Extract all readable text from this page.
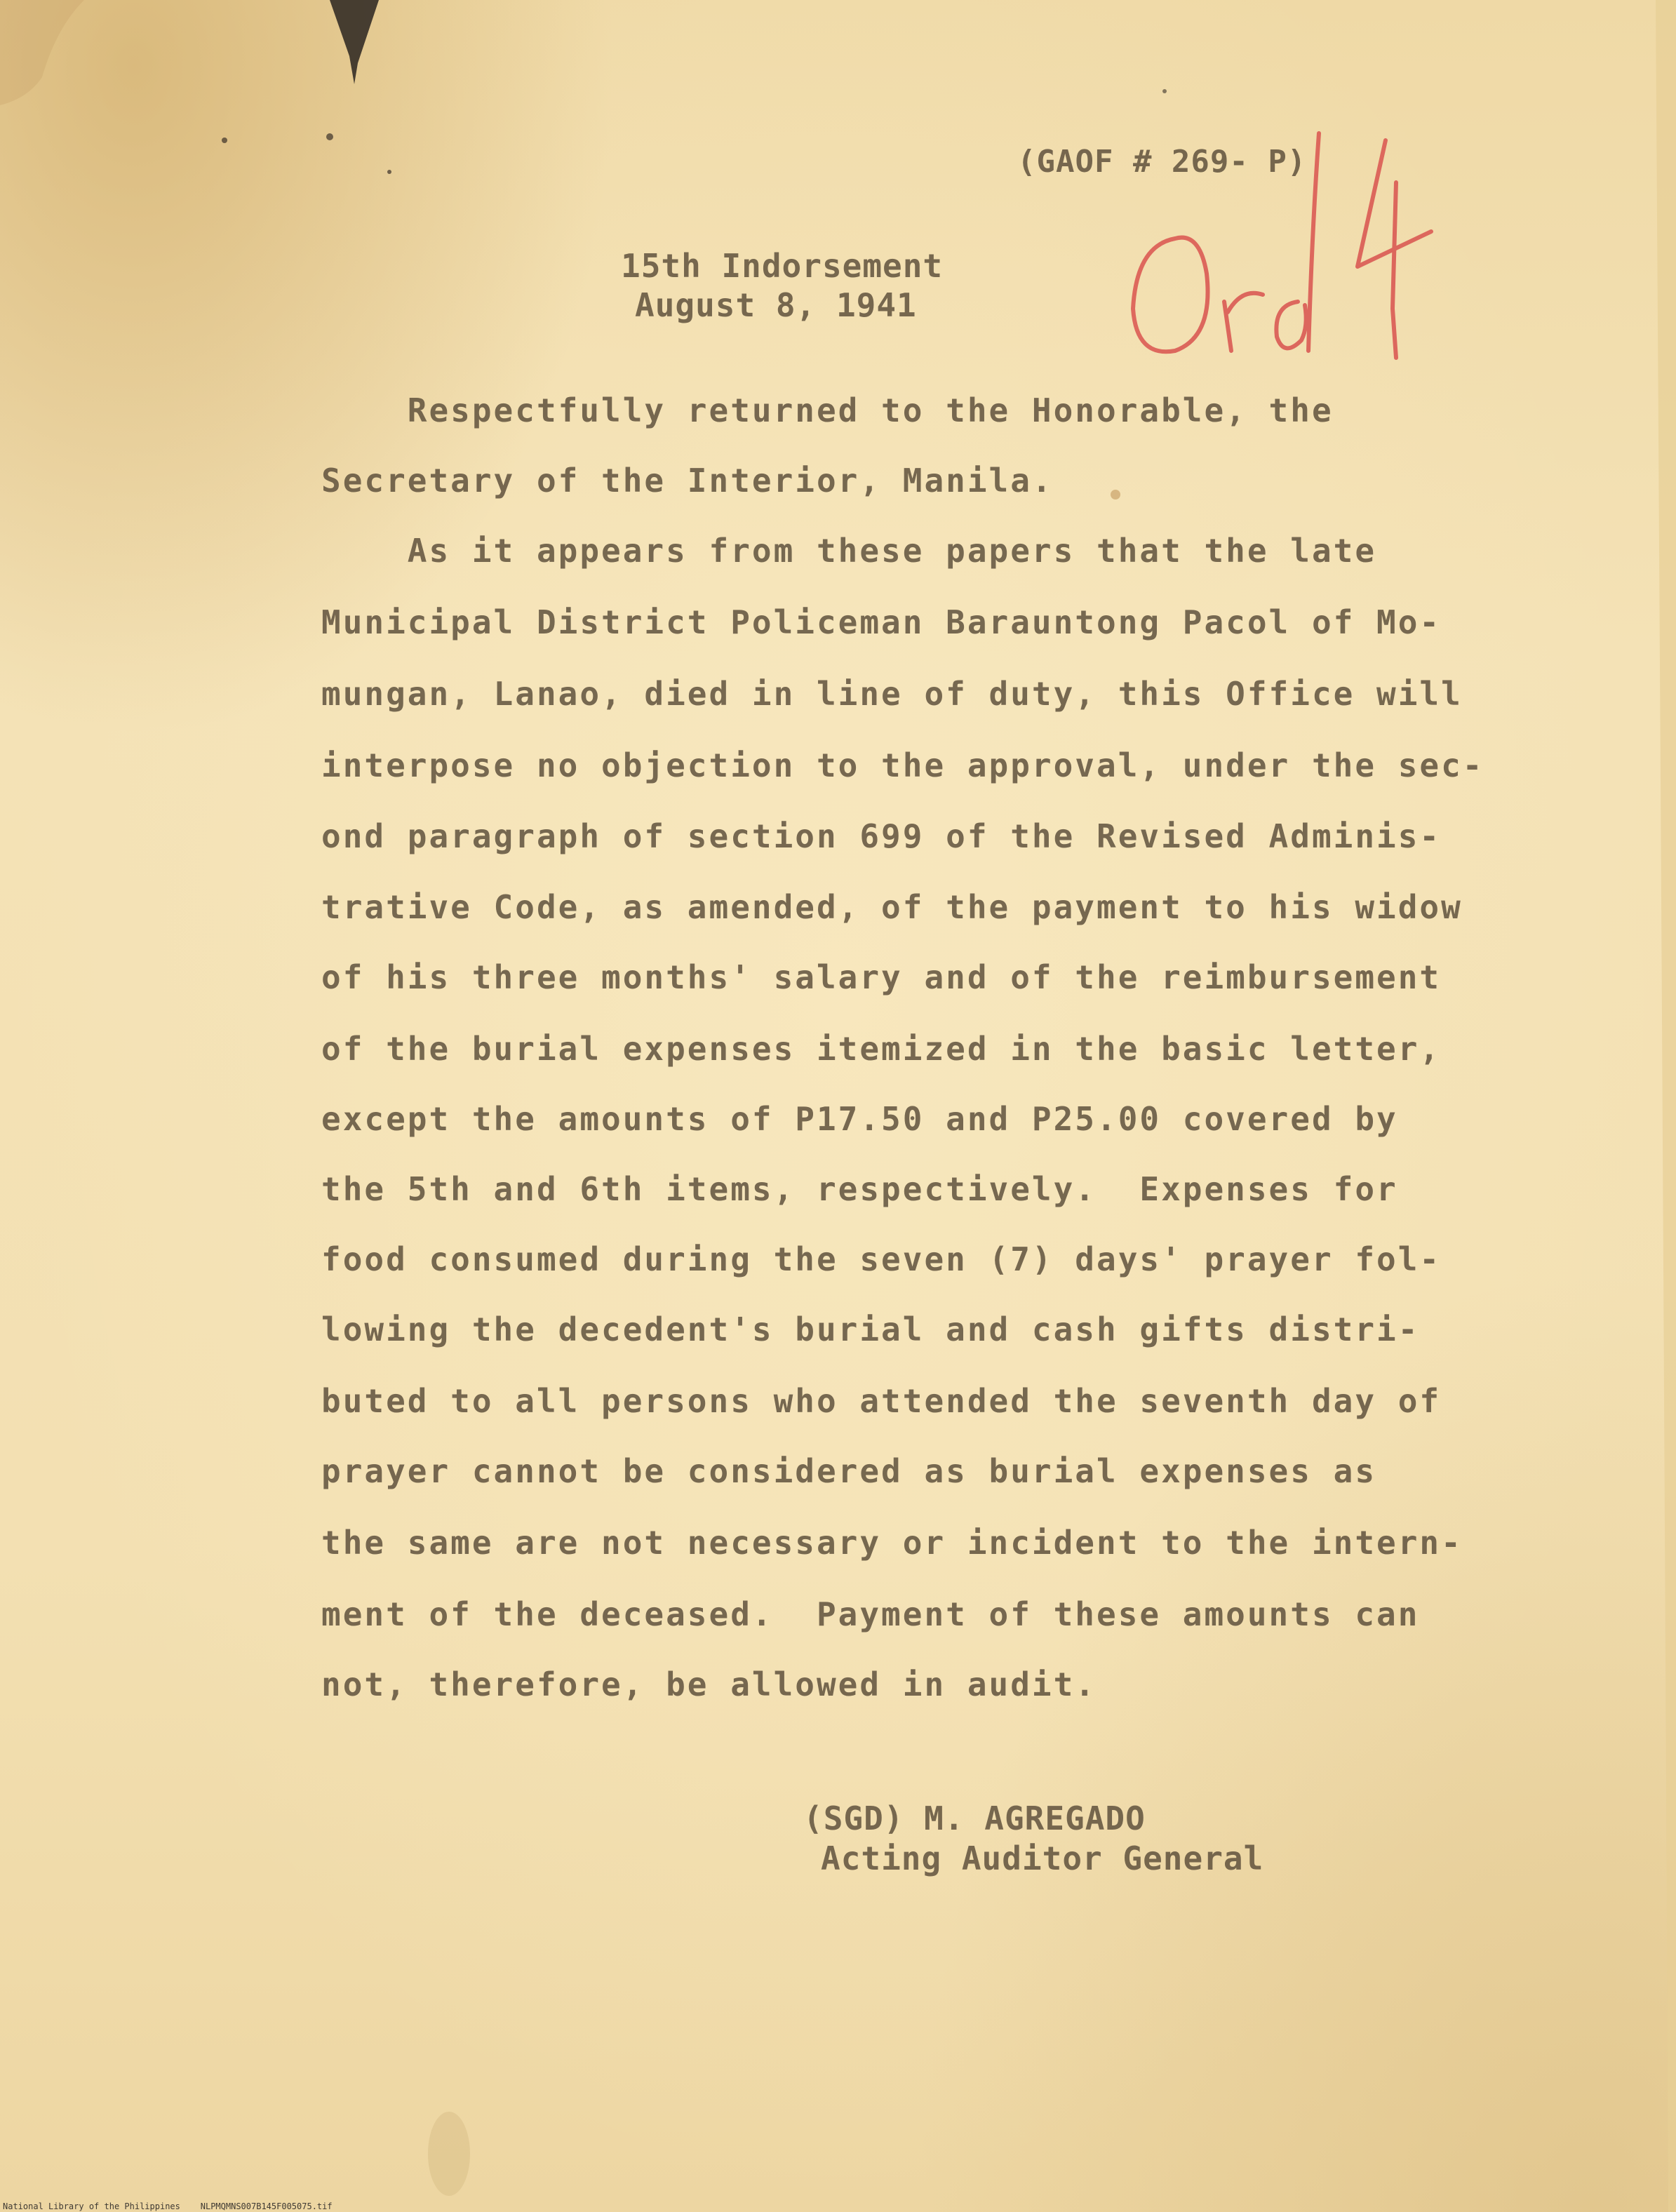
(GAOF # 269- P)
15th Indorsement
August 8, 1941
Respectfully returned to the Honorable, the
Secretary of the Interior, Manila.
As it appears from these papers that the late
Municipal District Policeman Barauntong Pacol of Mo-
mungan, Lanao, died in line of duty, this Office will
interpose no objection to the approval, under the sec-
ond paragraph of section 699 of the Revised Adminis-
trative Code, as amended, of the payment to his widow
of his three months' salary and of the reimbursement
of the burial expenses itemized in the basic letter,
except the amounts of P17.50 and P25.00 covered by
the 5th and 6th items, respectively.  Expenses for
food consumed during the seven (7) days' prayer fol-
lowing the decedent's burial and cash gifts distri-
buted to all persons who attended the seventh day of
prayer cannot be considered as burial expenses as
the same are not necessary or incident to the intern-
ment of the deceased.  Payment of these amounts can
not, therefore, be allowed in audit.
(SGD) M. AGREGADO
Acting Auditor General
National Library of the Philippines    NLPMQMNS007B145F005075.tif
